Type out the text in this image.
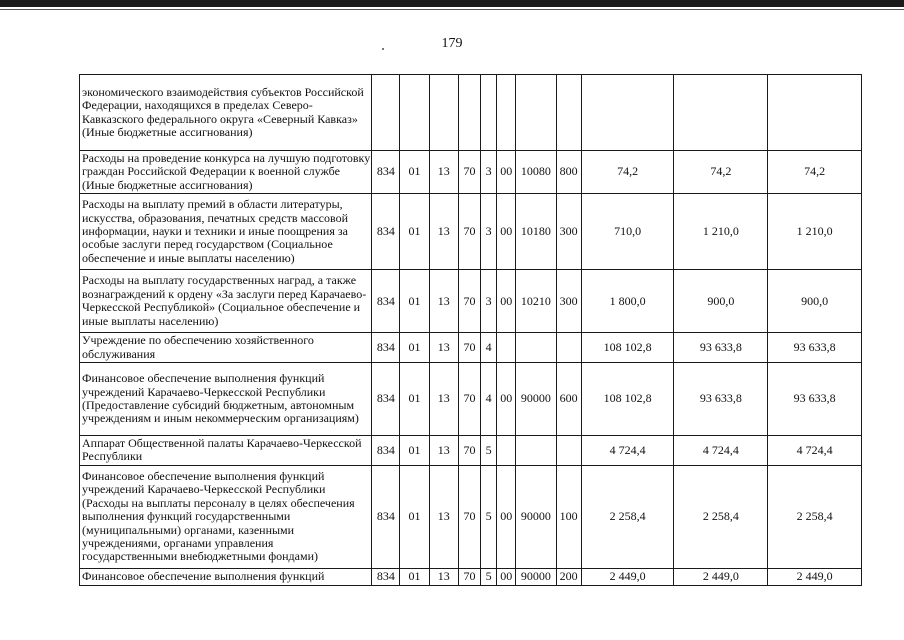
179
экономического взаимодействия субъектов Российской Федерации, находящихся в пределах Северо-Кавказского федерального округа «Северный Кавказ» (Иные бюджетные ассигнования)											
Расходы на проведение конкурса на лучшую подготовку граждан Российской Федерации к военной службе (Иные бюджетные ассигнования)	834	01	13	70	3	00	10080	800	74,2	74,2	74,2
Расходы на выплату премий в области литературы, искусства, образования, печатных средств массовой информации, науки и техники и иные поощрения за особые заслуги перед государством (Социальное обеспечение и иные выплаты населению)	834	01	13	70	3	00	10180	300	710,0	1 210,0	1 210,0
Расходы на выплату государственных наград, а также вознаграждений к ордену «За заслуги перед Карачаево-Черкесской Республикой» (Социальное обеспечение и иные выплаты населению)	834	01	13	70	3	00	10210	300	1 800,0	900,0	900,0
Учреждение по обеспечению хозяйственного обслуживания	834	01	13	70	4				108 102,8	93 633,8	93 633,8
Финансовое обеспечение выполнения функций учреждений Карачаево-Черкесской Республики (Предоставление субсидий бюджетным, автономным учреждениям и иным некоммерческим организациям)	834	01	13	70	4	00	90000	600	108 102,8	93 633,8	93 633,8
Аппарат Общественной палаты Карачаево-Черкесской Республики	834	01	13	70	5				4 724,4	4 724,4	4 724,4
Финансовое обеспечение выполнения функций учреждений Карачаево-Черкесской Республики (Расходы на выплаты персоналу в целях обеспечения выполнения функций государственными (муниципальными) органами, казенными учреждениями, органами управления государственными внебюджетными фондами)	834	01	13	70	5	00	90000	100	2 258,4	2 258,4	2 258,4
Финансовое обеспечение выполнения функций	834	01	13	70	5	00	90000	200	2 449,0	2 449,0	2 449,0
